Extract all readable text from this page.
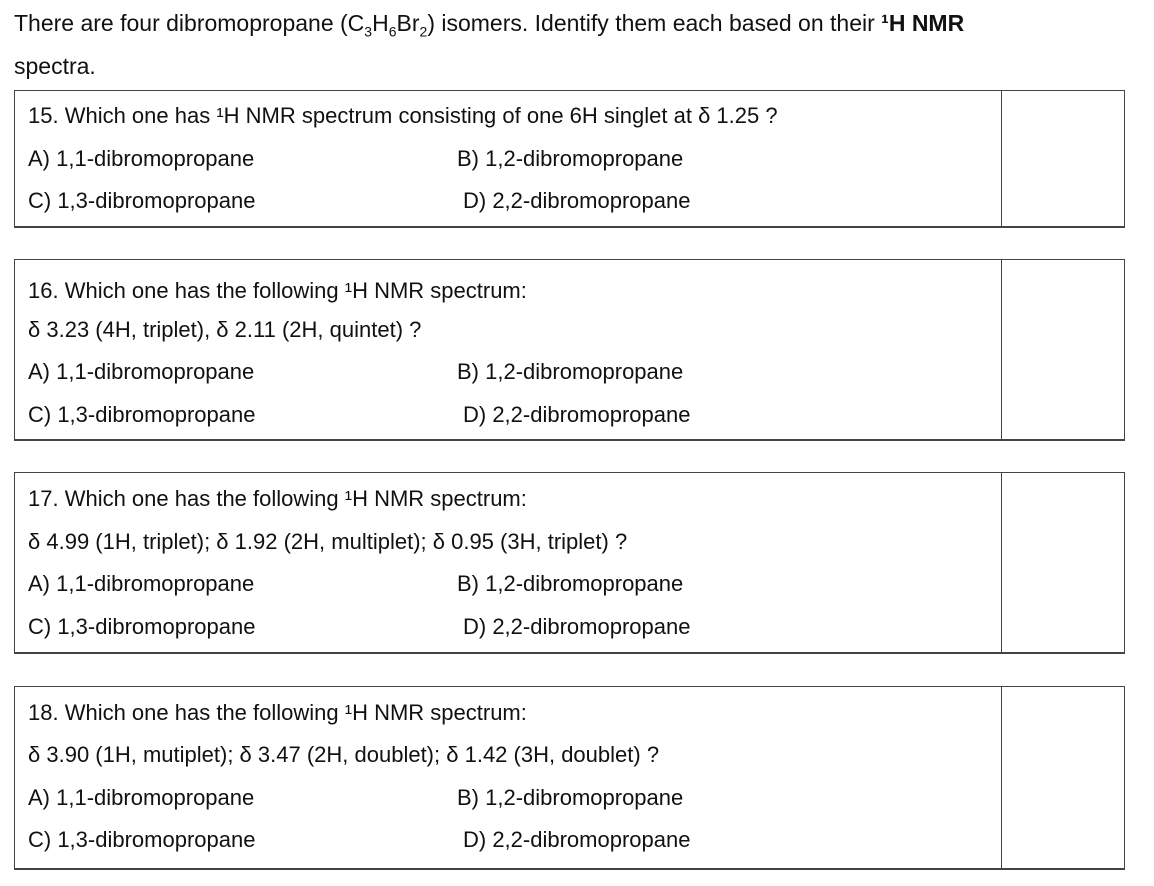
There are four dibromopropane $(C_3H_6Br_2)$ isomers. Identify them each based on their ¹H NMR
spectra.
15. Which one has ¹H NMR spectrum consisting of one 6H singlet at δ 1.25 ?
A) 1,1-dibromopropane	B) 1,2-dibromopropane
C) 1,3-dibromopropane	D) 2,2-dibromopropane
16. Which one has the following ¹H NMR spectrum:
δ 3.23 (4H, triplet), δ 2.11 (2H, quintet) ?
A) 1,1-dibromopropane	B) 1,2-dibromopropane
C) 1,3-dibromopropane	D) 2,2-dibromopropane
17. Which one has the following ¹H NMR spectrum:
δ 4.99 (1H, triplet); δ 1.92 (2H, multiplet); δ 0.95 (3H, triplet) ?
A) 1,1-dibromopropane	B) 1,2-dibromopropane
C) 1,3-dibromopropane	D) 2,2-dibromopropane
18. Which one has the following ¹H NMR spectrum:
δ 3.90 (1H, mutiplet); δ 3.47 (2H, doublet); δ 1.42 (3H, doublet) ?
A) 1,1-dibromopropane	B) 1,2-dibromopropane
C) 1,3-dibromopropane	D) 2,2-dibromopropane
